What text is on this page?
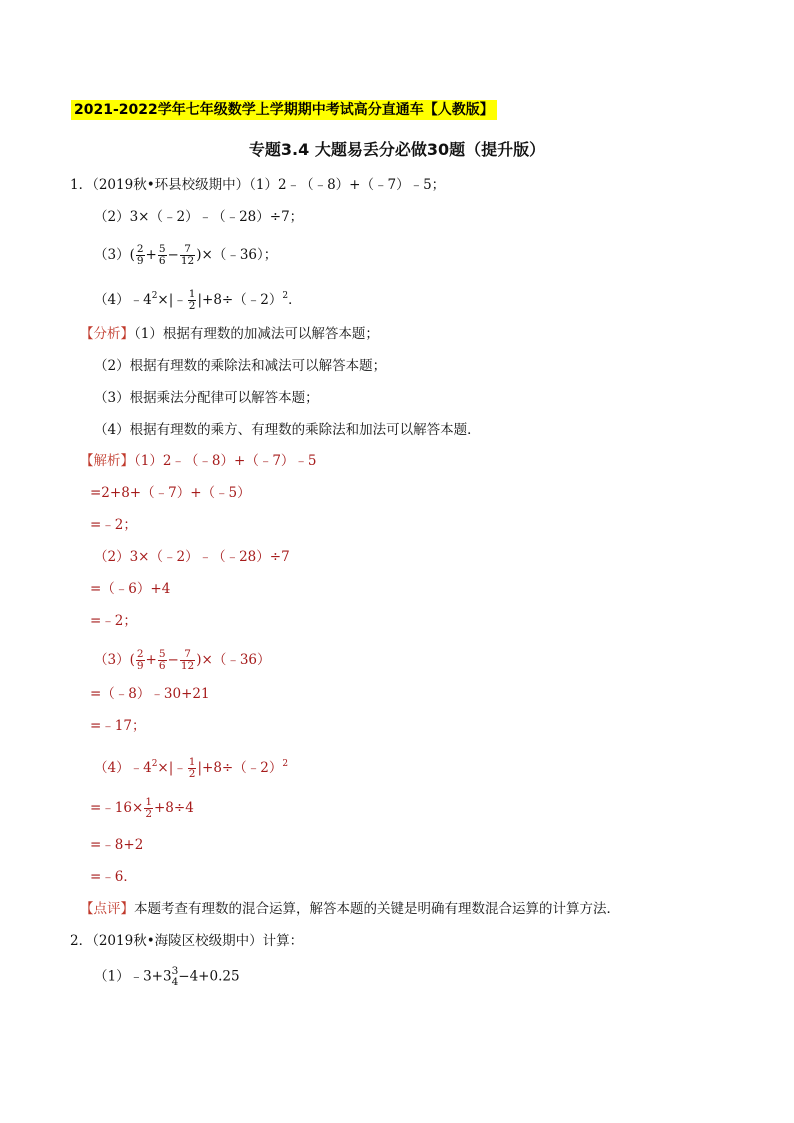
2021-2022学年七年级数学上学期期中考试高分直通车【人教版】
专题3.4 大题易丢分必做30题（提升版）
1．（2019秋•环县校级期中）（1）2﹣（﹣8）+（﹣7）﹣5；
（2）3×（﹣2）﹣（﹣28）÷7；
$(3)( \frac{2}{9} + \frac{5}{6} - \frac{7}{12}$ )×（﹣36）；
$(4)﹣4^2\times|﹣ \frac{1}{2}$ |+8÷（﹣2）$^2$．
【分析】（1）根据有理数的加减法可以解答本题；
（2）根据有理数的乘除法和减法可以解答本题；
（3）根据乘法分配律可以解答本题；
（4）根据有理数的乘方、有理数的乘除法和加法可以解答本题．
【解析】（1）2﹣（﹣8）+（﹣7）﹣5
=2+8+（﹣7）+（﹣5）
=﹣2；
（2）3×（﹣2）﹣（﹣28）÷7
=（﹣6）+4
=﹣2；
$(3)( \frac{2}{9} + \frac{5}{6} - \frac{7}{12}$ )×（﹣36）
=（﹣8）﹣30+21
=﹣17；
$(4)﹣4^2\times|﹣ \frac{1}{2}$ |+8÷（﹣2）$^2$
=﹣16× $\frac{1}{2} +8\div 4$
=﹣8+2
=﹣6．
【点评】本题考查有理数的混合运算，解答本题的关键是明确有理数混合运算的计算方法．
2．（2019秋•海陵区校级期中）计算：
（1）﹣3+3 3
4 −4+0.25
